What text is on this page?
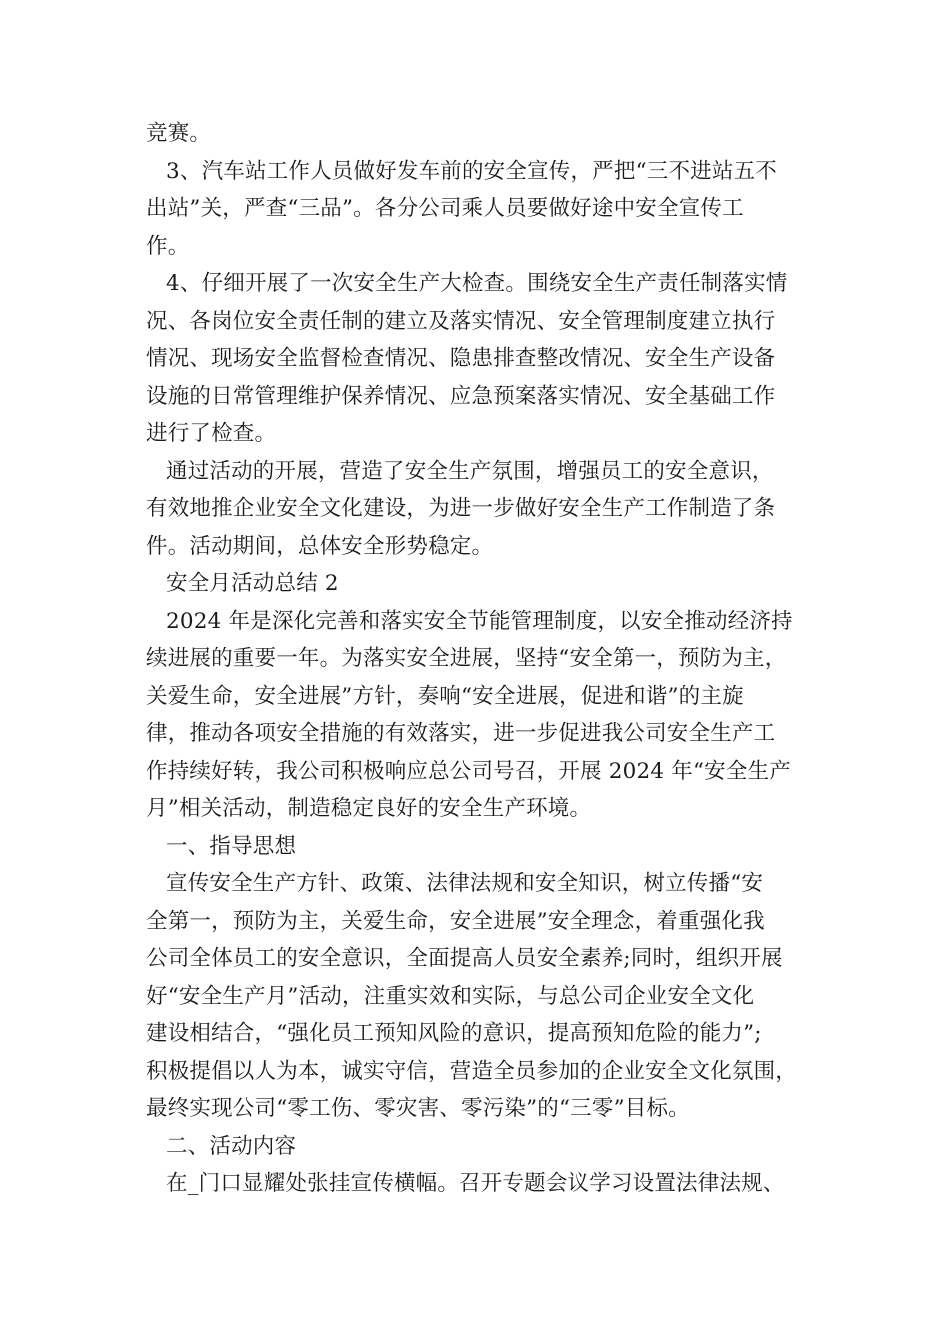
竞赛。
3、汽车站工作人员做好发车前的安全宣传，严把“三不进站五不
出站”关，严查“三品”。各分公司乘人员要做好途中安全宣传工
作。
4、仔细开展了一次安全生产大检查。围绕安全生产责任制落实情
况、各岗位安全责任制的建立及落实情况、安全管理制度建立执行
情况、现场安全监督检查情况、隐患排查整改情况、安全生产设备
设施的日常管理维护保养情况、应急预案落实情况、安全基础工作
进行了检查。
通过活动的开展，营造了安全生产氛围，增强员工的安全意识，
有效地推企业安全文化建设，为进一步做好安全生产工作制造了条
件。活动期间，总体安全形势稳定。
安全月活动总结 2
2024 年是深化完善和落实安全节能管理制度，以安全推动经济持
续进展的重要一年。为落实安全进展，坚持“安全第一，预防为主，
关爱生命，安全进展”方针，奏响“安全进展，促进和谐”的主旋
律，推动各项安全措施的有效落实，进一步促进我公司安全生产工
作持续好转，我公司积极响应总公司号召，开展 2024 年“安全生产
月”相关活动，制造稳定良好的安全生产环境。
一、指导思想
宣传安全生产方针、政策、法律法规和安全知识，树立传播“安
全第一，预防为主，关爱生命，安全进展”安全理念，着重强化我
公司全体员工的安全意识，全面提高人员安全素养;同时，组织开展
好“安全生产月”活动，注重实效和实际，与总公司企业安全文化
建设相结合，“强化员工预知风险的意识，提高预知危险的能力”;
积极提倡以人为本，诚实守信，营造全员参加的企业安全文化氛围，
最终实现公司“零工伤、零灾害、零污染”的“三零”目标。
二、活动内容
在_门口显耀处张挂宣传横幅。召开专题会议学习设置法律法规、
